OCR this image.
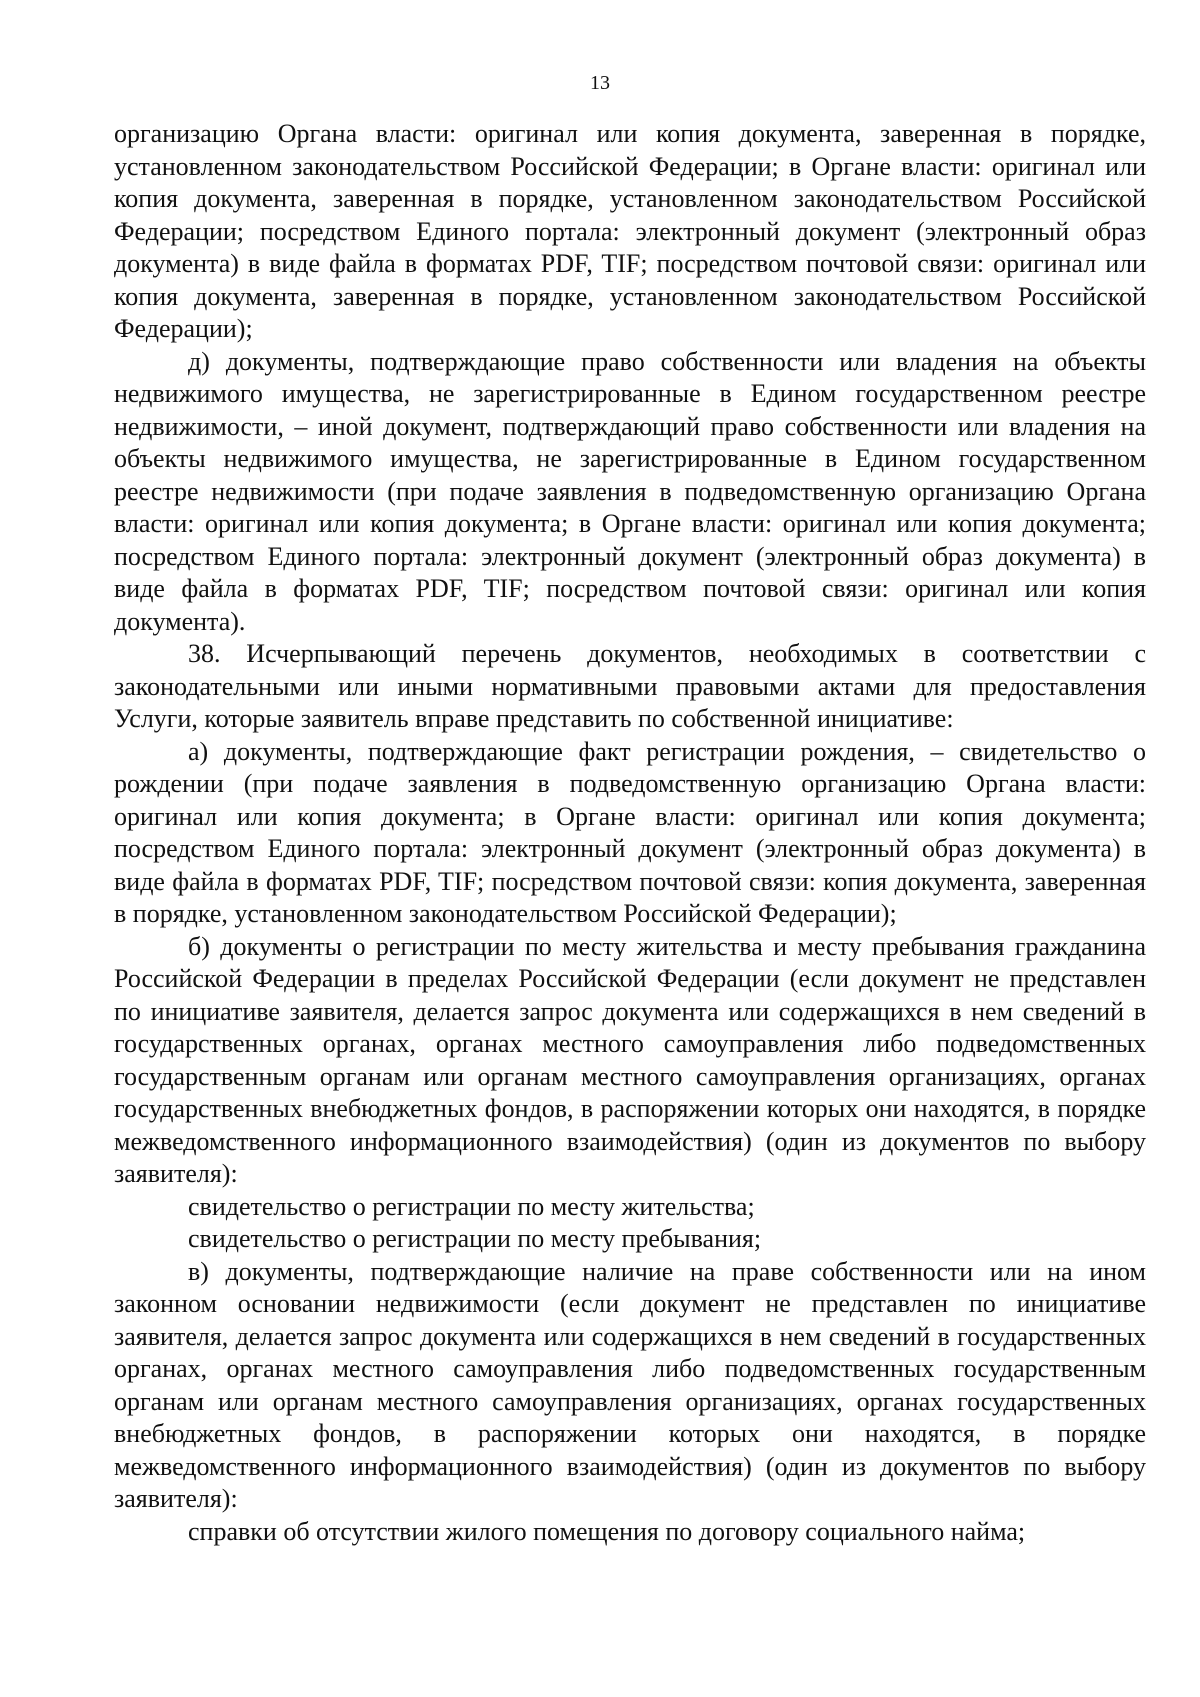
13

организацию Органа власти: оригинал или копия документа, заверенная в порядке, установленном законодательством Российской Федерации; в Органе власти: оригинал или копия документа, заверенная в порядке, установленном законодательством Российской Федерации; посредством Единого портала: электронный документ (электронный образ документа) в виде файла в форматах PDF, TIF; посредством почтовой связи: оригинал или копия документа, заверенная в порядке, установленном законодательством Российской Федерации);

д) документы, подтверждающие право собственности или владения на объекты недвижимого имущества, не зарегистрированные в Едином государственном реестре недвижимости, – иной документ, подтверждающий право собственности или владения на объекты недвижимого имущества, не зарегистрированные в Едином государственном реестре недвижимости (при подаче заявления в подведомственную организацию Органа власти: оригинал или копия документа; в Органе власти: оригинал или копия документа; посредством Единого портала: электронный документ (электронный образ документа) в виде файла в форматах PDF, TIF; посредством почтовой связи: оригинал или копия документа).

38. Исчерпывающий перечень документов, необходимых в соответствии с законодательными или иными нормативными правовыми актами для предоставления Услуги, которые заявитель вправе представить по собственной инициативе:

а) документы, подтверждающие факт регистрации рождения, – свидетельство о рождении (при подаче заявления в подведомственную организацию Органа власти: оригинал или копия документа; в Органе власти: оригинал или копия документа; посредством Единого портала: электронный документ (электронный образ документа) в виде файла в форматах PDF, TIF; посредством почтовой связи: копия документа, заверенная в порядке, установленном законодательством Российской Федерации);

б) документы о регистрации по месту жительства и месту пребывания гражданина Российской Федерации в пределах Российской Федерации (если документ не представлен по инициативе заявителя, делается запрос документа или содержащихся в нем сведений в государственных органах, органах местного самоуправления либо подведомственных государственным органам или органам местного самоуправления организациях, органах государственных внебюджетных фондов, в распоряжении которых они находятся, в порядке межведомственного информационного взаимодействия) (один из документов по выбору заявителя):

свидетельство о регистрации по месту жительства;

свидетельство о регистрации по месту пребывания;

в) документы, подтверждающие наличие на праве собственности или на ином законном основании недвижимости (если документ не представлен по инициативе заявителя, делается запрос документа или содержащихся в нем сведений в государственных органах, органах местного самоуправления либо подведомственных государственным органам или органам местного самоуправления организациях, органах государственных внебюджетных фондов, в распоряжении которых они находятся, в порядке межведомственного информационного взаимодействия) (один из документов по выбору заявителя):

справки об отсутствии жилого помещения по договору социального найма;
